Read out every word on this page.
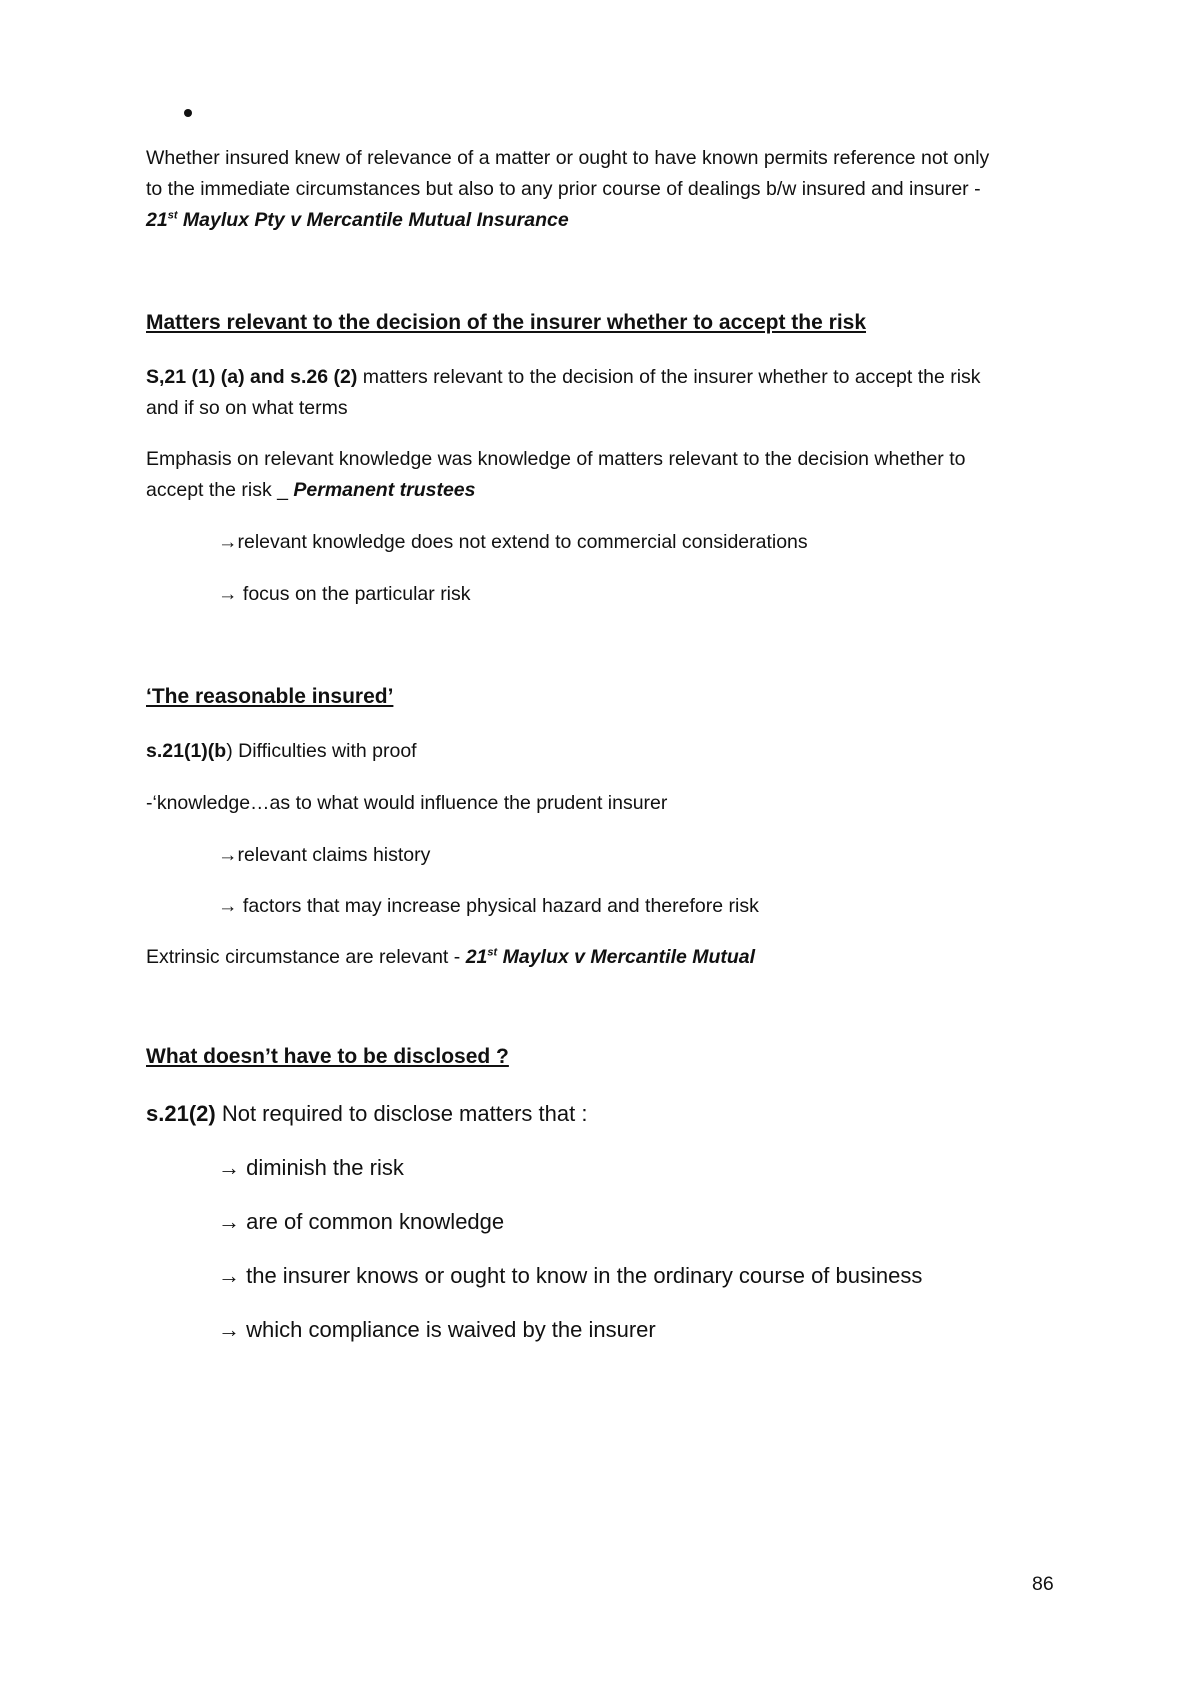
Whether insured knew of relevance of a matter or ought to have known permits reference not only
to the immediate circumstances but also to any prior course of dealings b/w insured and insurer -
21st Maylux Pty v Mercantile Mutual Insurance
Matters relevant to the decision of the insurer whether to accept the risk
S,21 (1) (a) and s.26 (2) matters relevant to the decision of the insurer whether to accept the risk
and if so on what terms
Emphasis on relevant knowledge was knowledge of matters relevant to the decision whether to
accept the risk _ Permanent trustees
→relevant knowledge does not extend to commercial considerations
→ focus on the particular risk
‘The reasonable insured’
s.21(1)(b) Difficulties with proof
-‘knowledge…as to what would influence the prudent insurer
→relevant claims history
→ factors that may increase physical hazard and therefore risk
Extrinsic circumstance are relevant - 21st Maylux v Mercantile Mutual
What doesn’t have to be disclosed ?
s.21(2) Not required to disclose matters that :
→ diminish the risk
→ are of common knowledge
→ the insurer knows or ought to know in the ordinary course of business
→ which compliance is waived by the insurer
86
